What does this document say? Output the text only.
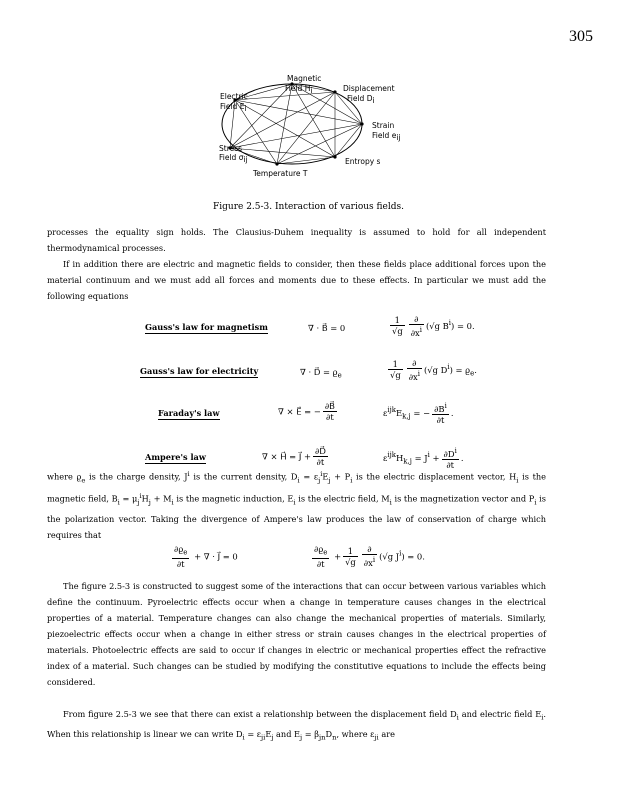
305
Magnetic
Field Hi	Displacement
Field Di
Electric
Field Ei
Strain
Field eij
Stress
Field σij	Entropy s
Temperature T
Figure 2.5-3. Interaction of various fields.
processes the equality sign holds. The Clausius-Duhem inequality is assumed to hold for all independent thermodynamical processes.
If in addition there are electric and magnetic fields to consider, then these fields place additional forces upon the material continuum and we must add all forces and moments due to these effects. In particular we must add the following equations
Gauss's law for magnetism	∇ · B⃗ = 0	$\frac{1}{√g} \frac{\partial}{\partial x^i} (√g$ $B^i) = 0$.
Gauss's law for electricity	∇ · D⃗ = $ϱ_e$	$\frac{1}{√g} \frac{\partial}{\partial x^i} (√g$ $D^i) = ϱ_e$.
Faraday's law	∇ × E⃗ = − $\frac{\partial B⃗}{\partial t}$	$\varepsilon^{ijk}E_{k,j}$ = − $\frac{\partial B^i}{\partial t}$ .
Ampere's law	∇ × H⃗ = J⃗ + $\frac{\partial D⃗}{\partial t}$	$\varepsilon^{ijk}H_{k,j} = J^i + \frac{\partial D^i}{\partial t}$ .
where $ϱ_e$ is the charge density, $J^i$ is the current density, $D_i = \varepsilon_j^iE_j + P_i$ is the electric displacement vector, $H_i$ is the magnetic field, $B_i = \mu_j^iH_j + M_i$ is the magnetic induction, $E_i$ is the electric field, $M_i$ is the magnetization vector and $P_i$ is the polarization vector. Taking the divergence of Ampere's law produces the law of conservation of charge which requires that
$\frac{\partial ϱ_e}{\partial t}$ + ∇ · J⃗ = 0	$\frac{\partial ϱ_e}{\partial t} + \frac{1}{√g} \frac{\partial}{\partial x^i} (√g$ $J^i) = 0$.
The figure 2.5-3 is constructed to suggest some of the interactions that can occur between various variables which define the continuum. Pyroelectric effects occur when a change in temperature causes changes in the electrical properties of a material. Temperature changes can also change the mechanical properties of materials. Similarly, piezoelectric effects occur when a change in either stress or strain causes changes in the electrical properties of materials. Photoelectric effects are said to occur if changes in electric or mechanical properties effect the refractive index of a material. Such changes can be studied by modifying the constitutive equations to include the effects being considered.
From figure 2.5-3 we see that there can exist a relationship between the displacement field $D_i$ and electric field $E_i$. When this relationship is linear we can write $D_i = \varepsilon_{ji}E_j$ and $E_j = \beta_{jn}D_n$, where $\varepsilon_{ji}$ are
